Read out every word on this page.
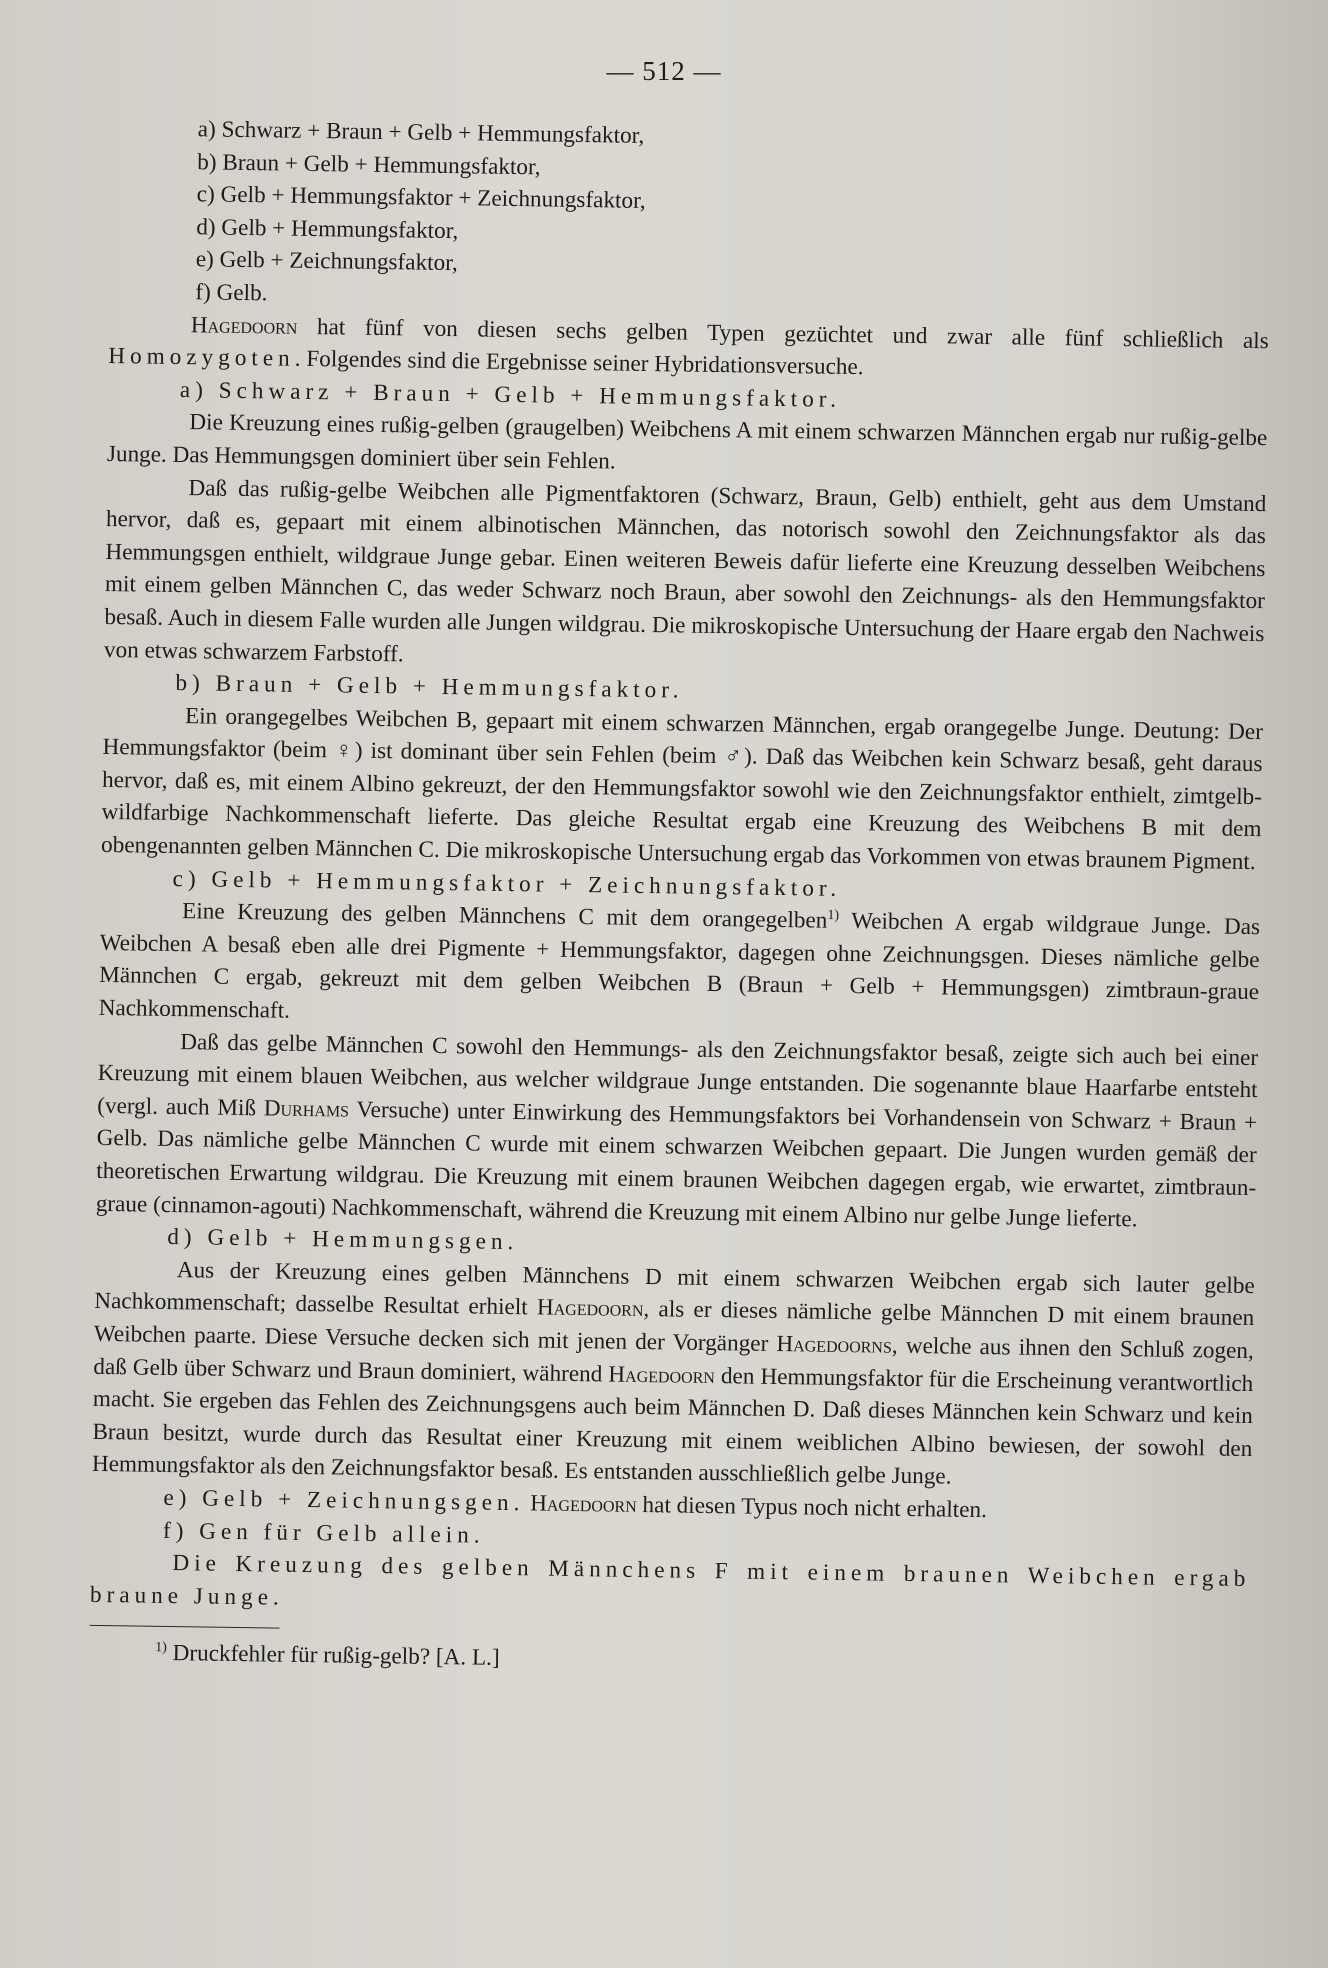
— 512 —

a) Schwarz + Braun + Gelb + Hemmungsfaktor,

b) Braun + Gelb + Hemmungsfaktor,

c) Gelb + Hemmungsfaktor + Zeichnungsfaktor,

d) Gelb + Hemmungsfaktor,

e) Gelb + Zeichnungsfaktor,

f) Gelb.

Hagedoorn hat fünf von diesen sechs gelben Typen gezüchtet und zwar alle fünf schließlich als Homozygoten. Folgendes sind die Ergebnisse seiner Hybridationsversuche.

a) Schwarz + Braun + Gelb + Hemmungsfaktor.

Die Kreuzung eines rußig-gelben (graugelben) Weibchens A mit einem schwarzen Männchen ergab nur rußig-gelbe Junge. Das Hemmungsgen dominiert über sein Fehlen.

Daß das rußig-gelbe Weibchen alle Pigmentfaktoren (Schwarz, Braun, Gelb) enthielt, geht aus dem Umstand hervor, daß es, gepaart mit einem albinotischen Männchen, das notorisch sowohl den Zeichnungsfaktor als das Hemmungsgen enthielt, wildgraue Junge gebar. Einen weiteren Beweis dafür lieferte eine Kreuzung desselben Weibchens mit einem gelben Männchen C, das weder Schwarz noch Braun, aber sowohl den Zeichnungs- als den Hemmungsfaktor besaß. Auch in diesem Falle wurden alle Jungen wildgrau. Die mikroskopische Untersuchung der Haare ergab den Nachweis von etwas schwarzem Farbstoff.

b) Braun + Gelb + Hemmungsfaktor.

Ein orangegelbes Weibchen B, gepaart mit einem schwarzen Männchen, ergab orangegelbe Junge. Deutung: Der Hemmungsfaktor (beim ♀) ist dominant über sein Fehlen (beim ♂). Daß das Weibchen kein Schwarz besaß, geht daraus hervor, daß es, mit einem Albino gekreuzt, der den Hemmungsfaktor sowohl wie den Zeichnungsfaktor enthielt, zimtgelb-wildfarbige Nachkommenschaft lieferte. Das gleiche Resultat ergab eine Kreuzung des Weibchens B mit dem obengenannten gelben Männchen C. Die mikroskopische Untersuchung ergab das Vorkommen von etwas braunem Pigment.

c) Gelb + Hemmungsfaktor + Zeichnungsfaktor.

Eine Kreuzung des gelben Männchens C mit dem orangegelben$^{1)}$ Weibchen A ergab wildgraue Junge. Das Weibchen A besaß eben alle drei Pigmente + Hemmungsfaktor, dagegen ohne Zeichnungsgen. Dieses nämliche gelbe Männchen C ergab, gekreuzt mit dem gelben Weibchen B (Braun + Gelb + Hemmungsgen) zimtbraun-graue Nachkommenschaft.

Daß das gelbe Männchen C sowohl den Hemmungs- als den Zeichnungsfaktor besaß, zeigte sich auch bei einer Kreuzung mit einem blauen Weibchen, aus welcher wildgraue Junge entstanden. Die sogenannte blaue Haarfarbe entsteht (vergl. auch Miß Durhams Versuche) unter Einwirkung des Hemmungsfaktors bei Vorhandensein von Schwarz + Braun + Gelb. Das nämliche gelbe Männchen C wurde mit einem schwarzen Weibchen gepaart. Die Jungen wurden gemäß der theoretischen Erwartung wildgrau. Die Kreuzung mit einem braunen Weibchen dagegen ergab, wie erwartet, zimtbraun-graue (cinnamon-agouti) Nachkommenschaft, während die Kreuzung mit einem Albino nur gelbe Junge lieferte.

d) Gelb + Hemmungsgen.

Aus der Kreuzung eines gelben Männchens D mit einem schwarzen Weibchen ergab sich lauter gelbe Nachkommenschaft; dasselbe Resultat erhielt Hagedoorn, als er dieses nämliche gelbe Männchen D mit einem braunen Weibchen paarte. Diese Versuche decken sich mit jenen der Vorgänger Hagedoorns, welche aus ihnen den Schluß zogen, daß Gelb über Schwarz und Braun dominiert, während Hagedoorn den Hemmungsfaktor für die Erscheinung verantwortlich macht. Sie ergeben das Fehlen des Zeichnungsgens auch beim Männchen D. Daß dieses Männchen kein Schwarz und kein Braun besitzt, wurde durch das Resultat einer Kreuzung mit einem weiblichen Albino bewiesen, der sowohl den Hemmungsfaktor als den Zeichnungsfaktor besaß. Es entstanden ausschließlich gelbe Junge.

e) Gelb + Zeichnungsgen. Hagedoorn hat diesen Typus noch nicht erhalten.

f) Gen für Gelb allein.

Die Kreuzung des gelben Männchens F mit einem braunen Weibchen ergab braune Junge.

$^{1)}$ Druckfehler für rußig-gelb? [A. L.]
